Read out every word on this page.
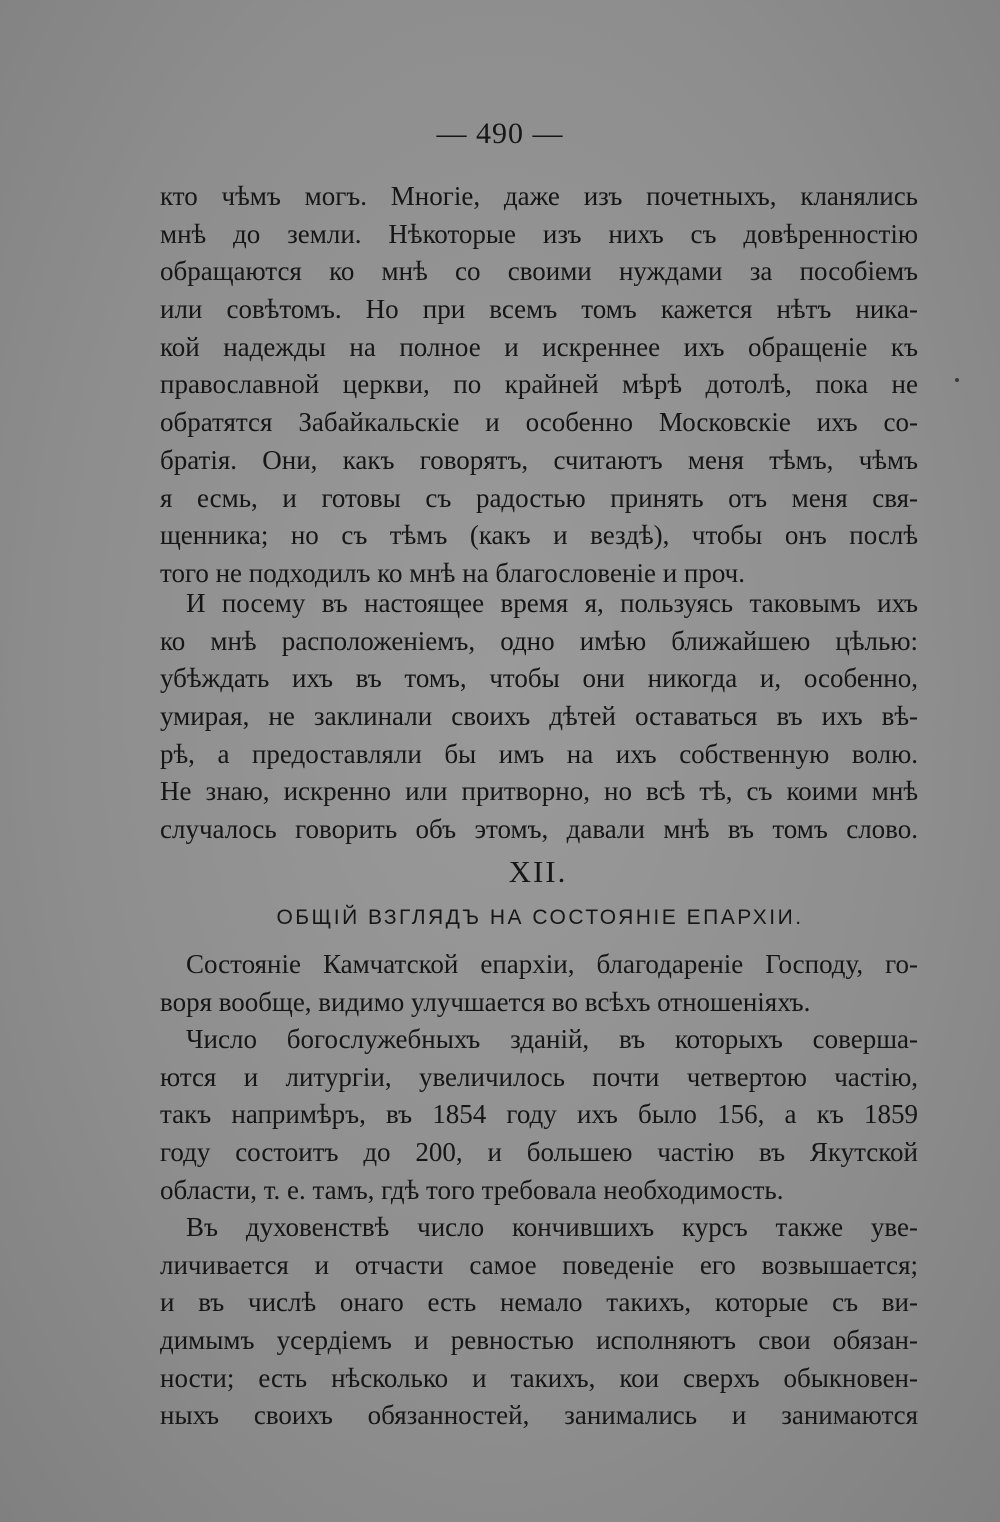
— 490 —
кто чѣмъ могъ. Многіе, даже изъ почетныхъ, кланялись
мнѣ до земли. Нѣкоторые изъ нихъ съ довѣренностію
обращаются ко мнѣ со своими нуждами за пособіемъ
или совѣтомъ. Но при всемъ томъ кажется нѣтъ ника-
кой надежды на полное и искреннее ихъ обращеніе къ
православной церкви, по крайней мѣрѣ дотолѣ, пока не
обратятся Забайкальскіе и особенно Московскіе ихъ со-
братія. Они, какъ говорятъ, считаютъ меня тѣмъ, чѣмъ
я есмь, и готовы съ радостью принять отъ меня свя-
щенника; но съ тѣмъ (какъ и вездѣ), чтобы онъ послѣ
того не подходилъ ко мнѣ на благословеніе и проч.
И посему въ настоящее время я, пользуясь таковымъ ихъ
ко мнѣ расположеніемъ, одно имѣю ближайшею цѣлью:
убѣждать ихъ въ томъ, чтобы они никогда и, особенно,
умирая, не заклинали своихъ дѣтей оставаться въ ихъ вѣ-
рѣ, а предоставляли бы имъ на ихъ собственную волю.
Не знаю, искренно или притворно, но всѣ тѣ, съ коими мнѣ
случалось говорить объ этомъ, давали мнѣ въ томъ слово.
XII.
ОБЩІЙ ВЗГЛЯДЪ НА СОСТОЯНІЕ ЕПАРХІИ.
Состояніе Камчатской епархіи, благодареніе Господу, го-
воря вообще, видимо улучшается во всѣхъ отношеніяхъ.
Число богослужебныхъ зданій, въ которыхъ соверша-
ются и литургіи, увеличилось почти четвертою частію,
такъ напримѣръ, въ 1854 году ихъ было 156, а къ 1859
году состоитъ до 200, и большею частію въ Якутской
области, т. е. тамъ, гдѣ того требовала необходимость.
Въ духовенствѣ число кончившихъ курсъ также уве-
личивается и отчасти самое поведеніе его возвышается;
и въ числѣ онаго есть немало такихъ, которые съ ви-
димымъ усердіемъ и ревностью исполняютъ свои обязан-
ности; есть нѣсколько и такихъ, кои сверхъ обыкновен-
ныхъ своихъ обязанностей, занимались и занимаются
